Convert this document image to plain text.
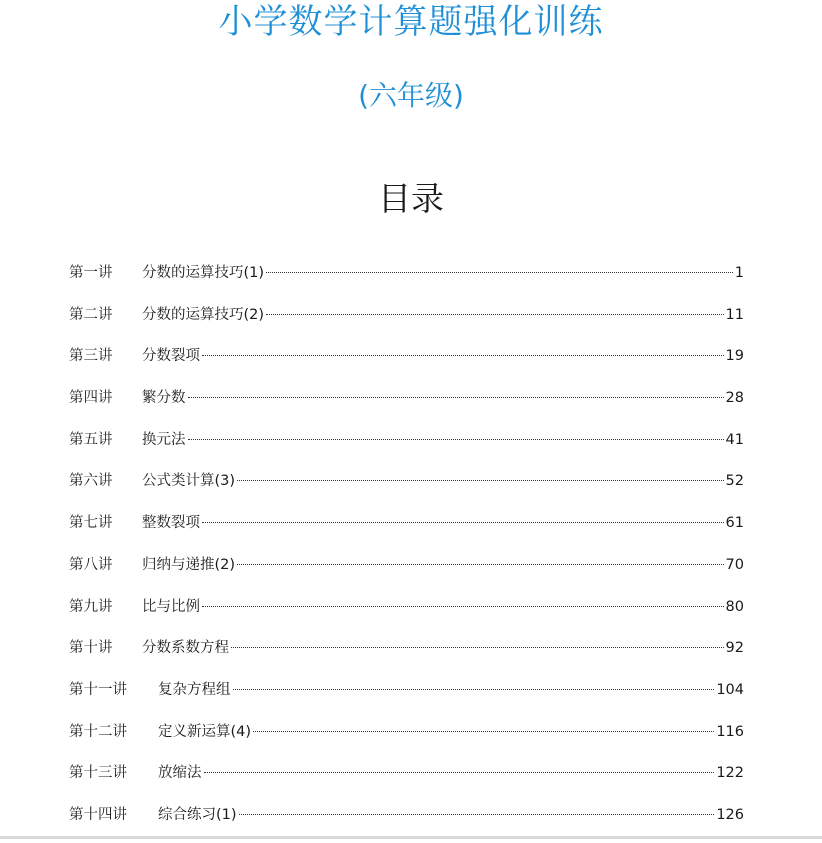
小学数学计算题强化训练
(六年级)
目录
第一讲	分数的运算技巧(1)	1
第二讲	分数的运算技巧(2)	11
第三讲	分数裂项	19
第四讲	繁分数	28
第五讲	换元法	41
第六讲	公式类计算(3)	52
第七讲	整数裂项	61
第八讲	归纳与递推(2)	70
第九讲	比与比例	80
第十讲	分数系数方程	92
第十一讲	复杂方程组	104
第十二讲	定义新运算(4)	116
第十三讲	放缩法	122
第十四讲	综合练习(1)	126
